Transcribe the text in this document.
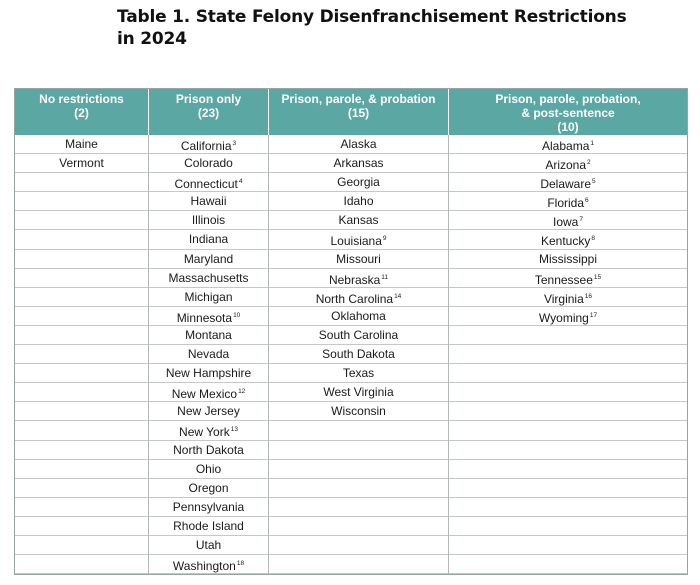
Table 1. State Felony Disenfranchisement Restrictions
in 2024
No restrictions
(2)
Prison only
(23)
Prison, parole, & probation
(15)
Prison, parole, probation,
& post-sentence
(10)
Maine
Vermont
California$^3$
Colorado
Connecticut$^4$
Hawaii
Illinois
Indiana
Maryland
Massachusetts
Michigan
Minnesota$^{10}$
Montana
Nevada
New Hampshire
New Mexico$^{12}$
New Jersey
New York$^{13}$
North Dakota
Ohio
Oregon
Pennsylvania
Rhode Island
Utah
Washington$^{18}$
Alaska
Arkansas
Georgia
Idaho
Kansas
Louisiana$^9$
Missouri
Nebraska$^{11}$
North Carolina$^{14}$
Oklahoma
South Carolina
South Dakota
Texas
West Virginia
Wisconsin
Alabama$^1$
Arizona$^2$
Delaware$^5$
Florida$^6$
Iowa$^7$
Kentucky$^8$
Mississippi
Tennessee$^{15}$
Virginia$^{16}$
Wyoming$^{17}$
